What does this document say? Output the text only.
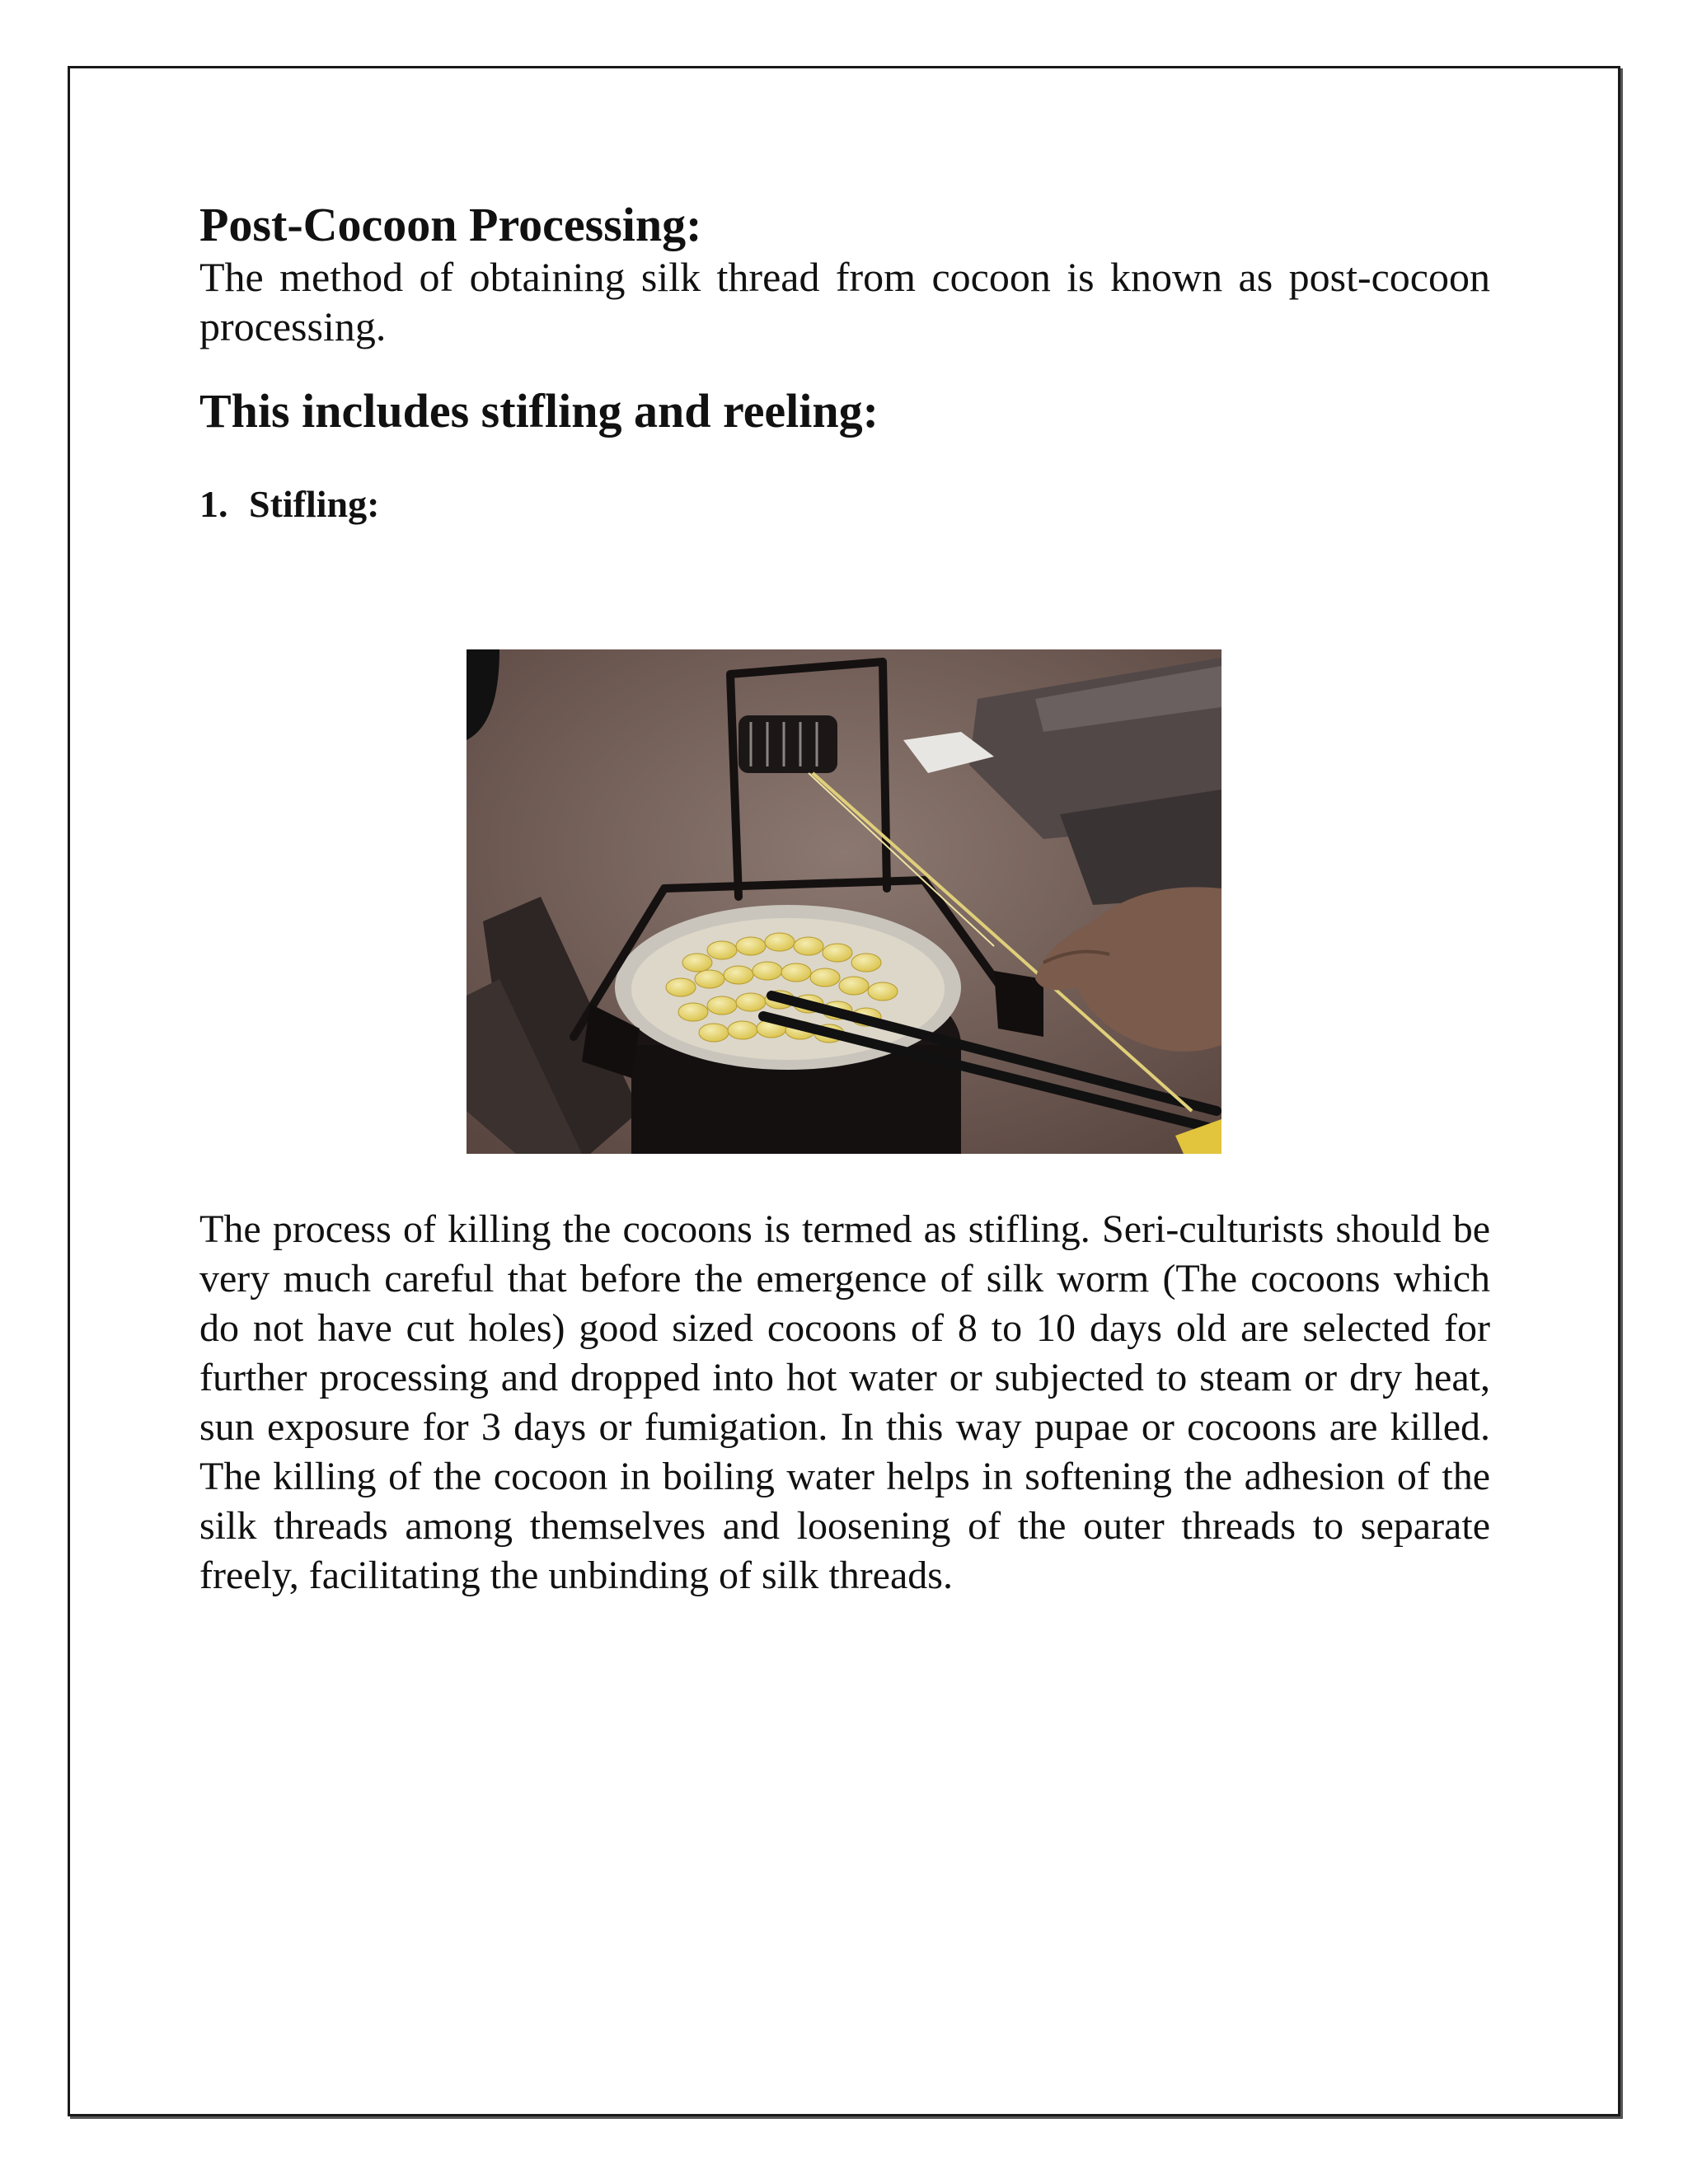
Post-Cocoon Processing:

The method of obtaining silk thread from cocoon is known as post-cocoon processing.

This includes stifling and reeling:
1. Stifling:

The process of killing the cocoons is termed as stifling. Seri-culturists should be very much careful that before the emergence of silk worm (The cocoons which do not have cut holes) good sized cocoons of 8 to 10 days old are selected for further processing and dropped into hot water or subjected to steam or dry heat, sun exposure for 3 days or fumigation. In this way pupae or cocoons are killed. The killing of the cocoon in boiling water helps in softening the adhesion of the silk threads among themselves and loosening of the outer threads to separate freely, facilitating the unbinding of silk threads.
